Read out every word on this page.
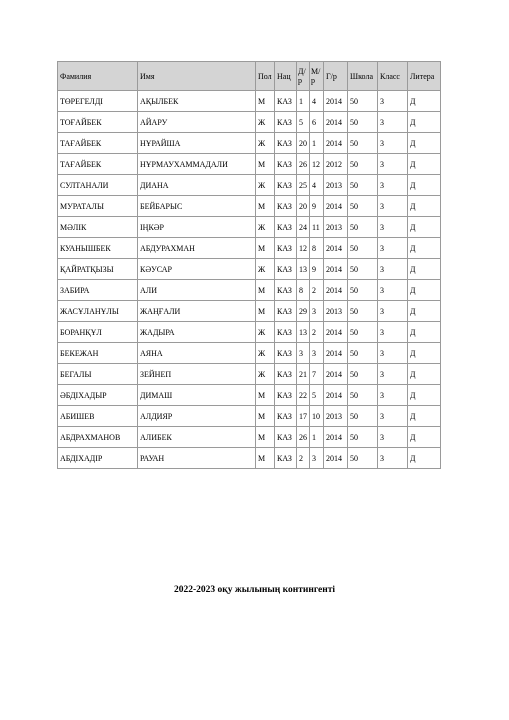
Фамилия	Имя	Пол	Нац	Д/р	М/р	Г/р	Школа	Класс	Литера
ТӨРЕГЕЛДІ	АҚЫЛБЕК	М	КАЗ	1	4	2014	50	3	Д
ТОҒАЙБЕК	АЙАРУ	Ж	КАЗ	5	6	2014	50	3	Д
ТАҒАЙБЕК	НҰРАЙША	Ж	КАЗ	20	1	2014	50	3	Д
ТАҒАЙБЕК	НҰРМАУХАММАДАЛИ	М	КАЗ	26	12	2012	50	3	Д
СУЛТАНАЛИ	ДИАНА	Ж	КАЗ	25	4	2013	50	3	Д
МУРАТАЛЫ	БЕЙБАРЫС	М	КАЗ	20	9	2014	50	3	Д
МӘЛІК	ІҢКӘР	Ж	КАЗ	24	11	2013	50	3	Д
КУАНЫШБЕК	АБДУРАХМАН	М	КАЗ	12	8	2014	50	3	Д
ҚАЙРАТҚЫЗЫ	КӘУСАР	Ж	КАЗ	13	9	2014	50	3	Д
ЗАБИРА	АЛИ	М	КАЗ	8	2	2014	50	3	Д
ЖАСҰЛАНҰЛЫ	ЖАҢҒАЛИ	М	КАЗ	29	3	2013	50	3	Д
БОРАНҚҰЛ	ЖАДЫРА	Ж	КАЗ	13	2	2014	50	3	Д
БЕКЕЖАН	АЯНА	Ж	КАЗ	3	3	2014	50	3	Д
БЕГАЛЫ	ЗЕЙНЕП	Ж	КАЗ	21	7	2014	50	3	Д
ӘБДІХАДЫР	ДИМАШ	М	КАЗ	22	5	2014	50	3	Д
АБИШЕВ	АЛДИЯР	М	КАЗ	17	10	2013	50	3	Д
АБДРАХМАНОВ	АЛИБЕК	М	КАЗ	26	1	2014	50	3	Д
АБДІХАДІР	РАУАН	М	КАЗ	2	3	2014	50	3	Д
2022-2023 оқу жылының контингенті
